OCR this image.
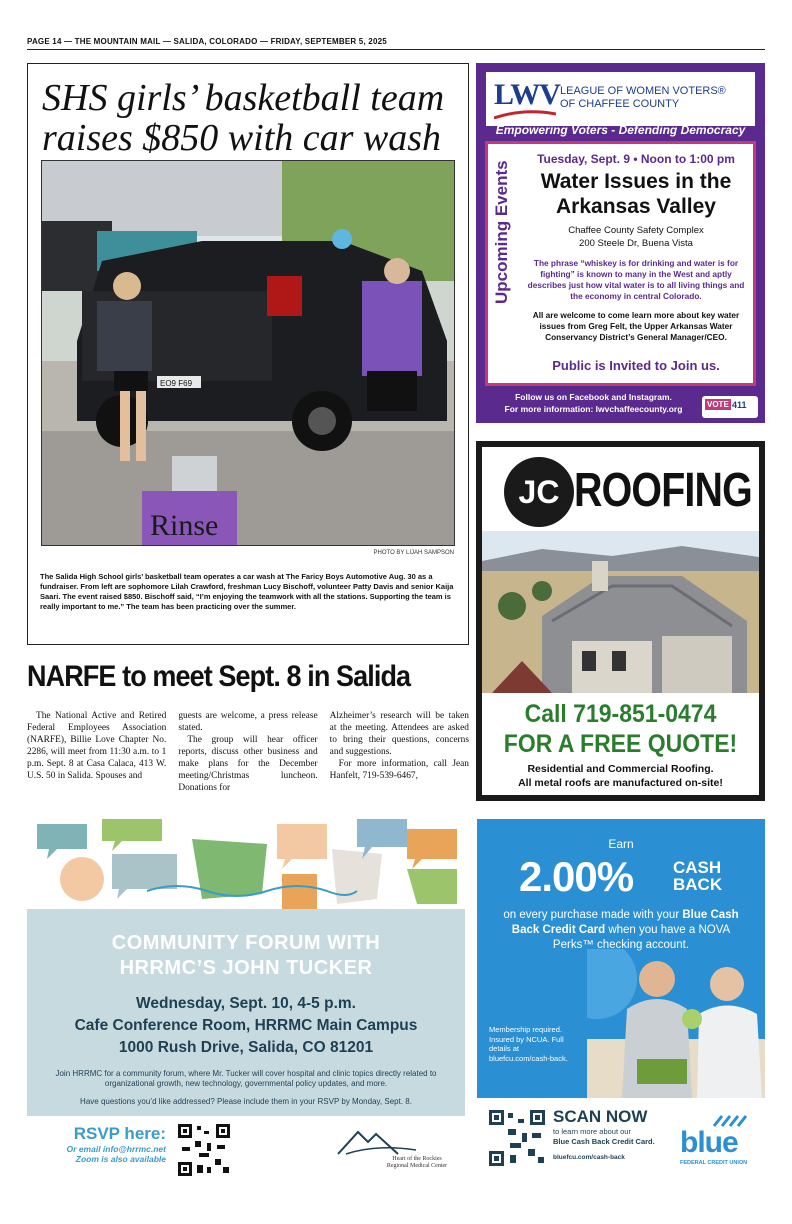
PAGE 14 — THE MOUNTAIN MAIL — SALIDA, COLORADO — FRIDAY, SEPTEMBER 5, 2025
SHS girls’ basketball team raises $850 with car wash
EO9 F69
Rinse
PHOTO BY LIJAH SAMPSON
The Salida High School girls’ basketball team operates a car wash at The Faricy Boys Automotive Aug. 30 as a fundraiser. From left are sophomore Lilah Crawford, freshman Lucy Bischoff, volunteer Patty Davis and senior Kaija Saari. The event raised $850. Bischoff said, “I’m enjoying the teamwork with all the stations. Supporting the team is really important to me.” The team has been practicing over the summer.
NARFE to meet Sept. 8 in Salida

The National Active and Retired Federal Employees Association (NARFE), Billie Love Chapter No. 2286, will meet from 11:30 a.m. to 1 p.m. Sept. 8 at Casa Calaca, 413 W. U.S. 50 in Salida. Spouses and

guests are welcome, a press release stated.

The group will hear officer reports, discuss other business and make plans for the December meeting/Christmas luncheon. Donations for

Alzheimer’s research will be taken at the meeting. Attendees are asked to bring their questions, concerns and suggestions.

For more information, call Jean Hanfelt, 719-539-6467,

LWV LEAGUE OF WOMEN VOTERS®
OF CHAFFEE COUNTY
Empowering Voters - Defending Democracy
Upcoming Events
Tuesday, Sept. 9 • Noon to 1:00 pm
Water Issues in the Arkansas Valley
Chaffee County Safety Complex
200 Steele Dr, Buena Vista
The phrase “whiskey is for drinking and water is for fighting” is known to many in the West and aptly describes just how vital water is to all living things and the economy in central Colorado.
All are welcome to come learn more about key water issues from Greg Felt, the Upper Arkansas Water Conservancy District’s General Manager/CEO.
Public is Invited to Join us.
Follow us on Facebook and Instagram.
For more information: lwvchaffeecounty.org	VOTE 411
JC ROOFING
Call 719-851-0474
FOR A FREE QUOTE!
Residential and Commercial Roofing.
All metal roofs are manufactured on-site!
COMMUNITY FORUM WITH
HRRMC’S JOHN TUCKER
Wednesday, Sept. 10, 4-5 p.m.
Cafe Conference Room, HRRMC Main Campus
1000 Rush Drive, Salida, CO 81201
Join HRRMC for a community forum, where Mr. Tucker will cover hospital and clinic topics directly related to organizational growth, new technology, governmental policy updates, and more.
Have questions you’d like addressed? Please include them in your RSVP by Monday, Sept. 8.
RSVP here:
Or email info@hrrmc.net
Zoom is also available	Heart of the Rockies
Regional Medical Center
Earn
2.00% CASH
BACK
on every purchase made with your Blue Cash Back Credit Card when you have a NOVA Perks™ checking account.
Membership required. Insured by NCUA. Full details at bluefcu.com/cash-back.
SCAN NOW
to learn more about our
Blue Cash Back Credit Card.
bluefcu.com/cash-back	blue
FEDERAL CREDIT UNION
